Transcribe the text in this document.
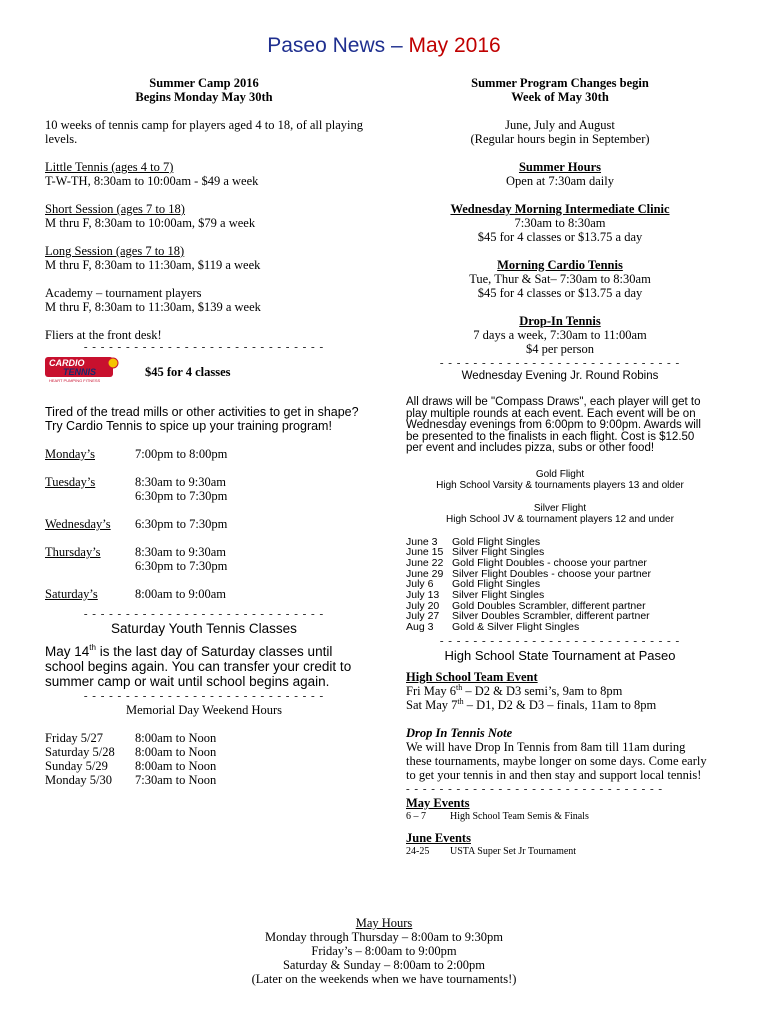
Paseo News – May 2016
Summer Camp 2016
Begins Monday May 30th
10 weeks of tennis camp for players aged 4 to 18, of all playing levels.
Little Tennis (ages 4 to 7)
T-W-TH, 8:30am to 10:00am - $49 a week
Short Session (ages 7 to 18)
M thru F, 8:30am to 10:00am, $79 a week
Long Session (ages 7 to 18)
M thru F, 8:30am to 11:30am, $119 a week
Academy – tournament players
M thru F, 8:30am to 11:30am, $139 a week
Fliers at the front desk!
- - - - - - - - - - - - - - - - - - - - - - - - - - - - -
CARDIO
TENNIS
HEART PUMPING FITNESS
$45 for 4 classes
Tired of the tread mills or other activities to get in shape? Try Cardio Tennis to spice up your training program!
Monday’s	7:00pm to 8:00pm
Tuesday’s	8:30am to 9:30am
6:30pm to 7:30pm
Wednesday’s	6:30pm to 7:30pm
Thursday’s	8:30am to 9:30am
6:30pm to 7:30pm
Saturday’s	8:00am to 9:00am
- - - - - - - - - - - - - - - - - - - - - - - - - - - - -
Saturday Youth Tennis Classes
May 14th is the last day of Saturday classes until school begins again. You can transfer your credit to summer camp or wait until school begins again.
- - - - - - - - - - - - - - - - - - - - - - - - - - - - -
Memorial Day Weekend Hours
Friday 5/27	8:00am to Noon
Saturday 5/28	8:00am to Noon
Sunday 5/29	8:00am to Noon
Monday 5/30	7:30am to Noon
Summer Program Changes begin
Week of May 30th
June, July and August
(Regular hours begin in September)
Summer Hours
Open at 7:30am daily
Wednesday Morning Intermediate Clinic
7:30am to 8:30am
$45 for 4 classes or $13.75 a day
Morning Cardio Tennis
Tue, Thur & Sat– 7:30am to 8:30am
$45 for 4 classes or $13.75 a day
Drop-In Tennis
7 days a week, 7:30am to 11:00am
$4 per person
- - - - - - - - - - - - - - - - - - - - - - - - - - - - -
Wednesday Evening Jr. Round Robins
All draws will be "Compass Draws", each player will get to play multiple rounds at each event. Each event will be on Wednesday evenings from 6:00pm to 9:00pm. Awards will be presented to the finalists in each flight. Cost is $12.50 per event and includes pizza, subs or other food!
Gold Flight
High School Varsity & tournaments players 13 and older
Silver Flight
High School JV & tournament players 12 and under
June 3	Gold Flight Singles
June 15 Silver Flight Singles
June 22 Gold Flight Doubles - choose your partner
June 29 Silver Flight Doubles - choose your partner
July 6	Gold Flight Singles
July 13	Silver Flight Singles
July 20	Gold Doubles Scrambler, different partner
July 27	Silver Doubles Scrambler, different partner
Aug 3	Gold & Silver Flight Singles
- - - - - - - - - - - - - - - - - - - - - - - - - - - - -
High School State Tournament at Paseo
High School Team Event
Fri May 6th – D2 & D3 semi’s, 9am to 8pm
Sat May 7th – D1, D2 & D3 – finals, 11am to 8pm
Drop In Tennis Note
We will have Drop In Tennis from 8am till 11am during these tournaments, maybe longer on some days. Come early to get your tennis in and then stay and support local tennis!
- - - - - - - - - - - - - - - - - - - - - - - - - - - - - - -
May Events
6 – 7	High School Team Semis & Finals
June Events
24-25	USTA Super Set Jr Tournament
May Hours
Monday through Thursday – 8:00am to 9:30pm
Friday’s – 8:00am to 9:00pm
Saturday & Sunday – 8:00am to 2:00pm
(Later on the weekends when we have tournaments!)
